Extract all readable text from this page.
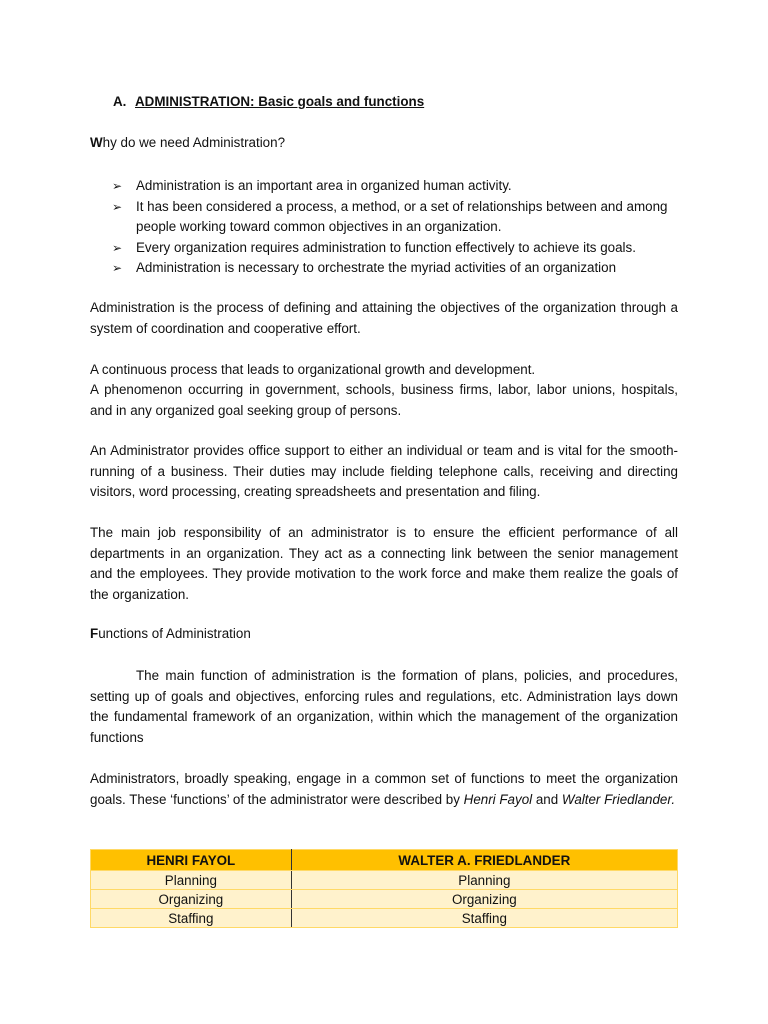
A. ADMINISTRATION: Basic goals and functions
Why do we need Administration?
➢ Administration is an important area in organized human activity.
➢ It has been considered a process, a method, or a set of relationships between and among people working toward common objectives in an organization.
➢ Every organization requires administration to function effectively to achieve its goals.
➢ Administration is necessary to orchestrate the myriad activities of an organization

Administration is the process of defining and attaining the objectives of the organization through a system of coordination and cooperative effort.

A continuous process that leads to organizational growth and development.

A phenomenon occurring in government, schools, business firms, labor, labor unions, hospitals, and in any organized goal seeking group of persons.

An Administrator provides office support to either an individual or team and is vital for the smooth-running of a business. Their duties may include fielding telephone calls, receiving and directing visitors, word processing, creating spreadsheets and presentation and filing.

The main job responsibility of an administrator is to ensure the efficient performance of all departments in an organization. They act as a connecting link between the senior management and the employees. They provide motivation to the work force and make them realize the goals of the organization.

Functions of Administration

The main function of administration is the formation of plans, policies, and procedures, setting up of goals and objectives, enforcing rules and regulations, etc. Administration lays down the fundamental framework of an organization, within which the management of the organization functions

Administrators, broadly speaking, engage in a common set of functions to meet the organization goals. These ‘functions’ of the administrator were described by Henri Fayol and Walter Friedlander.

HENRI FAYOL	WALTER A. FRIEDLANDER
Planning	Planning
Organizing	Organizing
Staffing	Staffing
